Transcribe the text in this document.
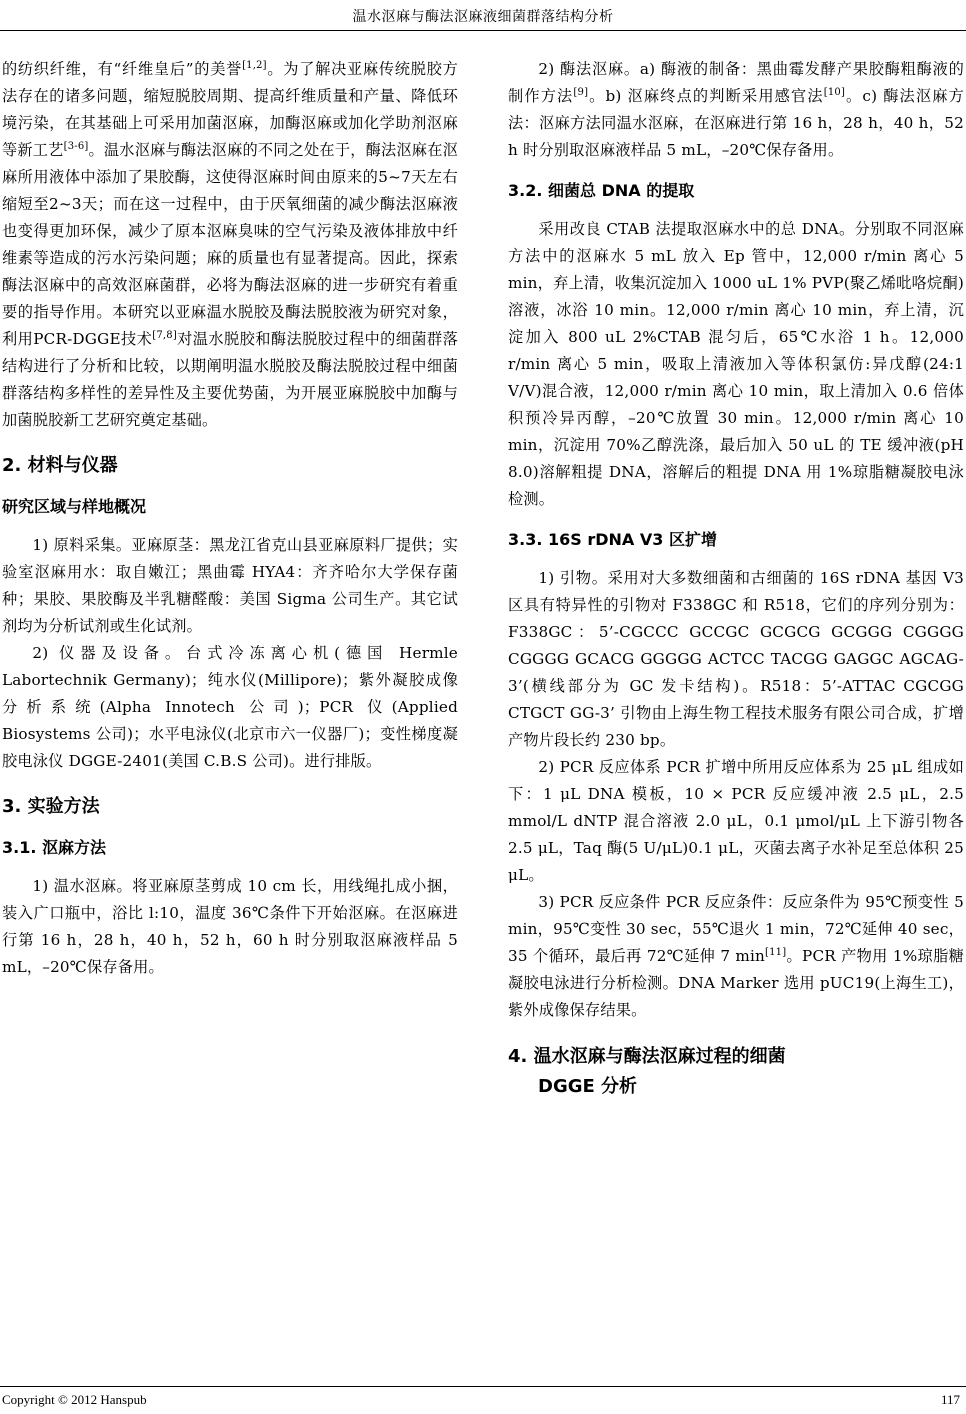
温水沤麻与酶法沤麻液细菌群落结构分析

的纺织纤维，有“纤维皇后”的美誉[1,2]。为了解决亚麻传统脱胶方法存在的诸多问题，缩短脱胶周期、提高纤维质量和产量、降低环境污染，在其基础上可采用加菌沤麻，加酶沤麻或加化学助剂沤麻等新工艺[3-6]。温水沤麻与酶法沤麻的不同之处在于，酶法沤麻在沤麻所用液体中添加了果胶酶，这使得沤麻时间由原来的5~7天左右缩短至2~3天；而在这一过程中，由于厌氧细菌的减少酶法沤麻液也变得更加环保，减少了原本沤麻臭味的空气污染及液体排放中纤维素等造成的污水污染问题；麻的质量也有显著提高。因此，探索酶法沤麻中的高效沤麻菌群，必将为酶法沤麻的进一步研究有着重要的指导作用。本研究以亚麻温水脱胶及酶法脱胶液为研究对象，利用PCR-DGGE技术[7,8]对温水脱胶和酶法脱胶过程中的细菌群落结构进行了分析和比较，以期阐明温水脱胶及酶法脱胶过程中细菌群落结构多样性的差异性及主要优势菌，为开展亚麻脱胶中加酶与加菌脱胶新工艺研究奠定基础。

2. 材料与仪器
研究区域与样地概况

1) 原料采集。亚麻原茎：黑龙江省克山县亚麻原料厂提供；实验室沤麻用水：取自嫩江；黑曲霉 HYA4：齐齐哈尔大学保存菌种；果胶、果胶酶及半乳糖醛酸：美国 Sigma 公司生产。其它试剂均为分析试剂或生化试剂。

2) 仪器及设备。台式冷冻离心机(德国 Hermle Labortechnik Germany)；纯水仪(Millipore)；紫外凝胶成像分析系统(Alpha Innotech 公司)；PCR 仪(Applied Biosystems 公司)；水平电泳仪(北京市六一仪器厂)；变性梯度凝胶电泳仪 DGGE-2401(美国 C.B.S 公司)。进行排版。

3. 实验方法
3.1. 沤麻方法

1) 温水沤麻。将亚麻原茎剪成 10 cm 长，用线绳扎成小捆，装入广口瓶中，浴比 l:10，温度 36℃条件下开始沤麻。在沤麻进行第 16 h，28 h，40 h，52 h，60 h 时分别取沤麻液样品 5 mL，–20℃保存备用。

2) 酶法沤麻。a) 酶液的制备：黑曲霉发酵产果胶酶粗酶液的制作方法[9]。b) 沤麻终点的判断采用感官法[10]。c) 酶法沤麻方法：沤麻方法同温水沤麻，在沤麻进行第 16 h，28 h，40 h，52 h 时分别取沤麻液样品 5 mL，–20℃保存备用。

3.2. 细菌总 DNA 的提取

采用改良 CTAB 法提取沤麻水中的总 DNA。分别取不同沤麻方法中的沤麻水 5 mL 放入 Ep 管中，12,000 r/min 离心 5 min，弃上清，收集沉淀加入 1000 uL 1% PVP(聚乙烯吡咯烷酮)溶液，冰浴 10 min。12,000 r/min 离心 10 min，弃上清，沉淀加入 800 uL 2%CTAB 混匀后，65℃水浴 1 h。12,000 r/min 离心 5 min，吸取上清液加入等体积氯仿:异戊醇(24:1 V/V)混合液，12,000 r/min 离心 10 min，取上清加入 0.6 倍体积预冷异丙醇，–20℃放置 30 min。12,000 r/min 离心 10 min，沉淀用 70%乙醇洗涤，最后加入 50 uL 的 TE 缓冲液(pH 8.0)溶解粗提 DNA，溶解后的粗提 DNA 用 1%琼脂糖凝胶电泳检测。

3.3. 16S rDNA V3 区扩增

1) 引物。采用对大多数细菌和古细菌的 16S rDNA 基因 V3 区具有特异性的引物对 F338GC 和 R518，它们的序列分别为：F338GC：5’-CGCCC GCCGC GCGCG GCGGG CGGGG CGGGG GCACG GGGGG ACTCC TACGG GAGGC AGCAG-3’(横线部分为 GC 发卡结构)。R518：5’-ATTAC CGCGG CTGCT GG-3’ 引物由上海生物工程技术服务有限公司合成，扩增产物片段长约 230 bp。

2) PCR 反应体系 PCR 扩增中所用反应体系为 25 μL 组成如下：1 μL DNA 模板，10 × PCR 反应缓冲液 2.5 μL，2.5 mmol/L dNTP 混合溶液 2.0 μL，0.1 μmol/μL 上下游引物各 2.5 μL，Taq 酶(5 U/μL)0.1 μL，灭菌去离子水补足至总体积 25 μL。

3) PCR 反应条件 PCR 反应条件：反应条件为 95℃预变性 5 min，95℃变性 30 sec，55℃退火 1 min，72℃延伸 40 sec，35 个循环，最后再 72℃延伸 7 min[11]。PCR 产物用 1%琼脂糖凝胶电泳进行分析检测。DNA Marker 选用 pUC19(上海生工)，紫外成像保存结果。

4. 温水沤麻与酶法沤麻过程的细菌
DGGE 分析
Copyright © 2012 Hanspub	117
